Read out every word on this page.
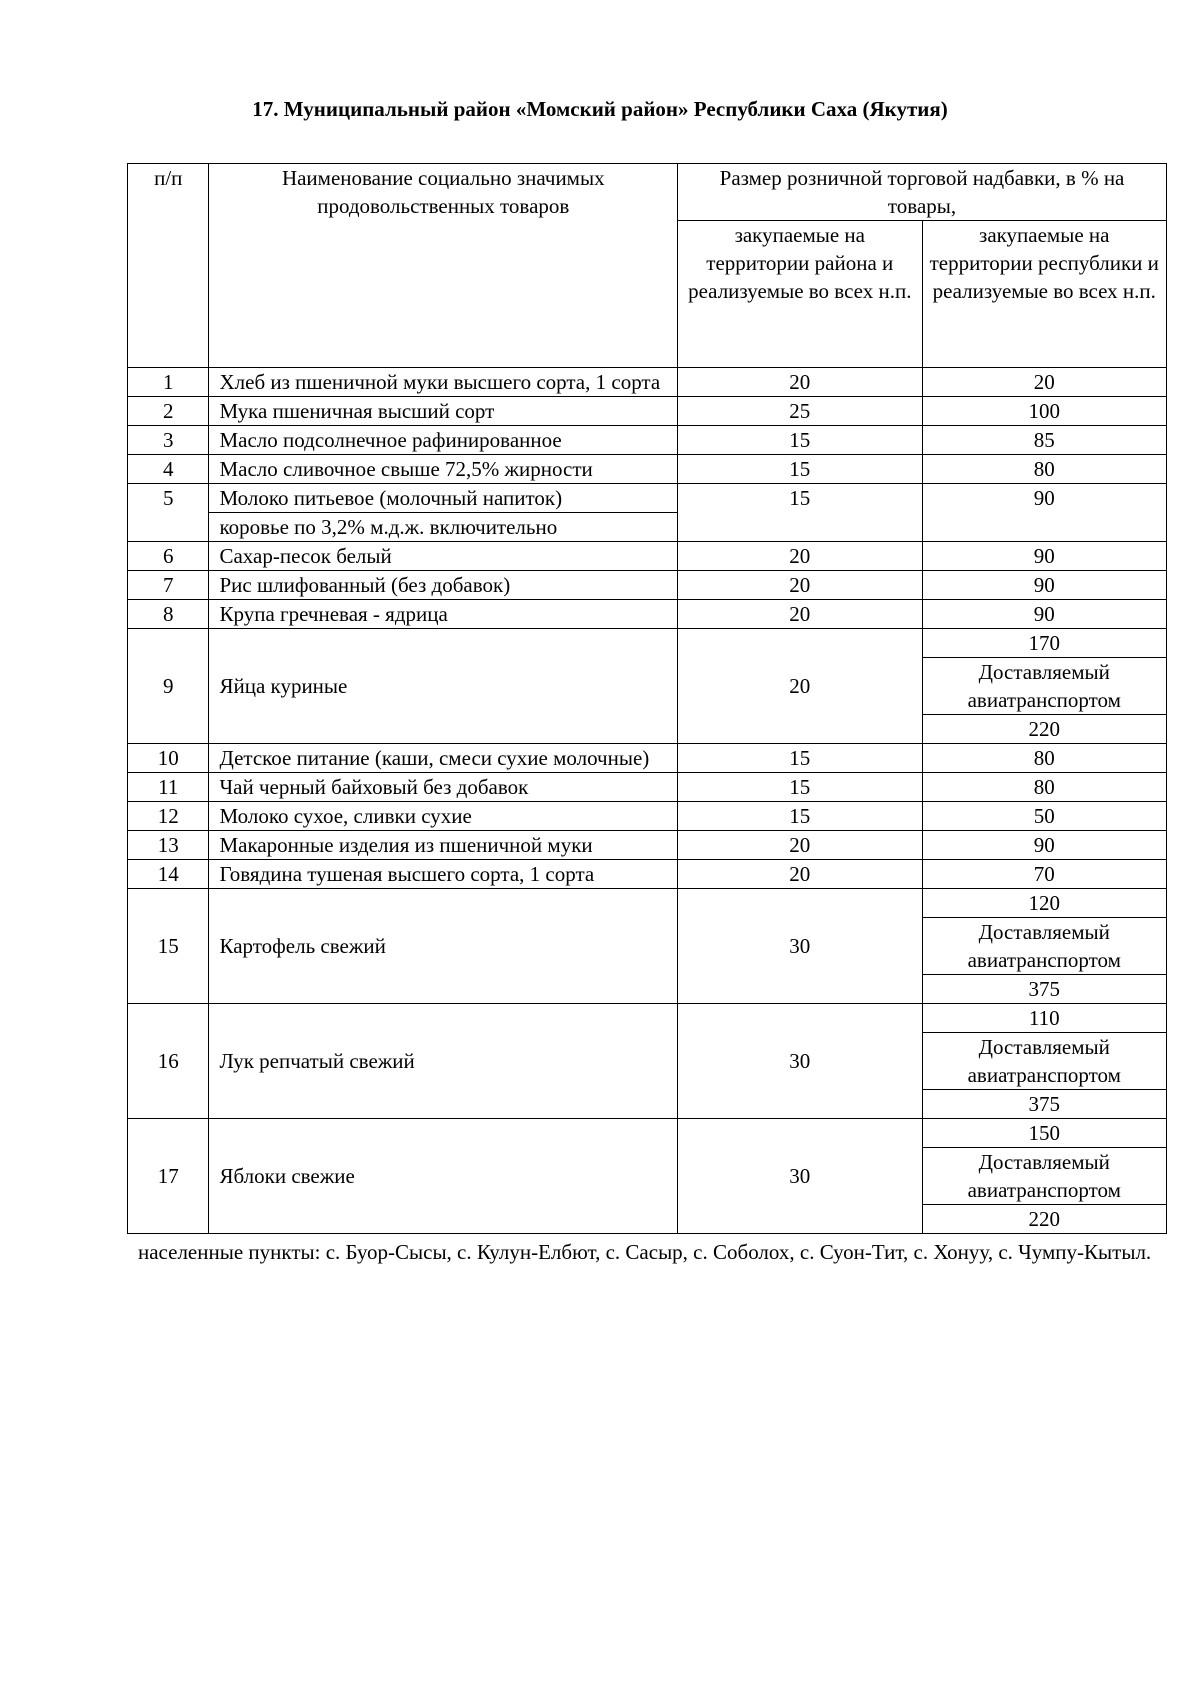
17. Муниципальный район «Момский район» Республики Саха (Якутия)
п/п	Наименование социально значимых продовольственных товаров	Размер розничной торговой надбавки, в % на товары,	
		закупаемые на территории района и реализуемые во всех н.п.	закупаемые на территории республики и реализуемые во всех н.п.
1	Хлеб из пшеничной муки высшего сорта, 1 сорта	20	20
2	Мука пшеничная высший сорт	25	100
3	Масло подсолнечное рафинированное	15	85
4	Масло сливочное свыше 72,5% жирности	15	80
5	Молоко питьевое (молочный напиток)	15	90
	коровье по 3,2% м.д.ж. включительно		
6	Сахар-песок белый	20	90
7	Рис шлифованный (без добавок)	20	90
8	Крупа гречневая - ядрица	20	90
9	Яйца куриные	20	170
			Доставляемый авиатранспортом
			220
10	Детское питание (каши, смеси сухие молочные)	15	80
11	Чай черный байховый без добавок	15	80
12	Молоко сухое, сливки сухие	15	50
13	Макаронные изделия из пшеничной муки	20	90
14	Говядина тушеная высшего сорта, 1 сорта	20	70
15	Картофель свежий	30	120
			Доставляемый авиатранспортом
			375
16	Лук репчатый свежий	30	110
			Доставляемый авиатранспортом
			375
17	Яблоки свежие	30	150
			Доставляемый авиатранспортом
			220
населенные пункты: с. Буор-Сысы, с. Кулун-Елбют, с. Сасыр, с. Соболох, с. Суон-Тит, с. Хонуу, с. Чумпу-Кытыл.
